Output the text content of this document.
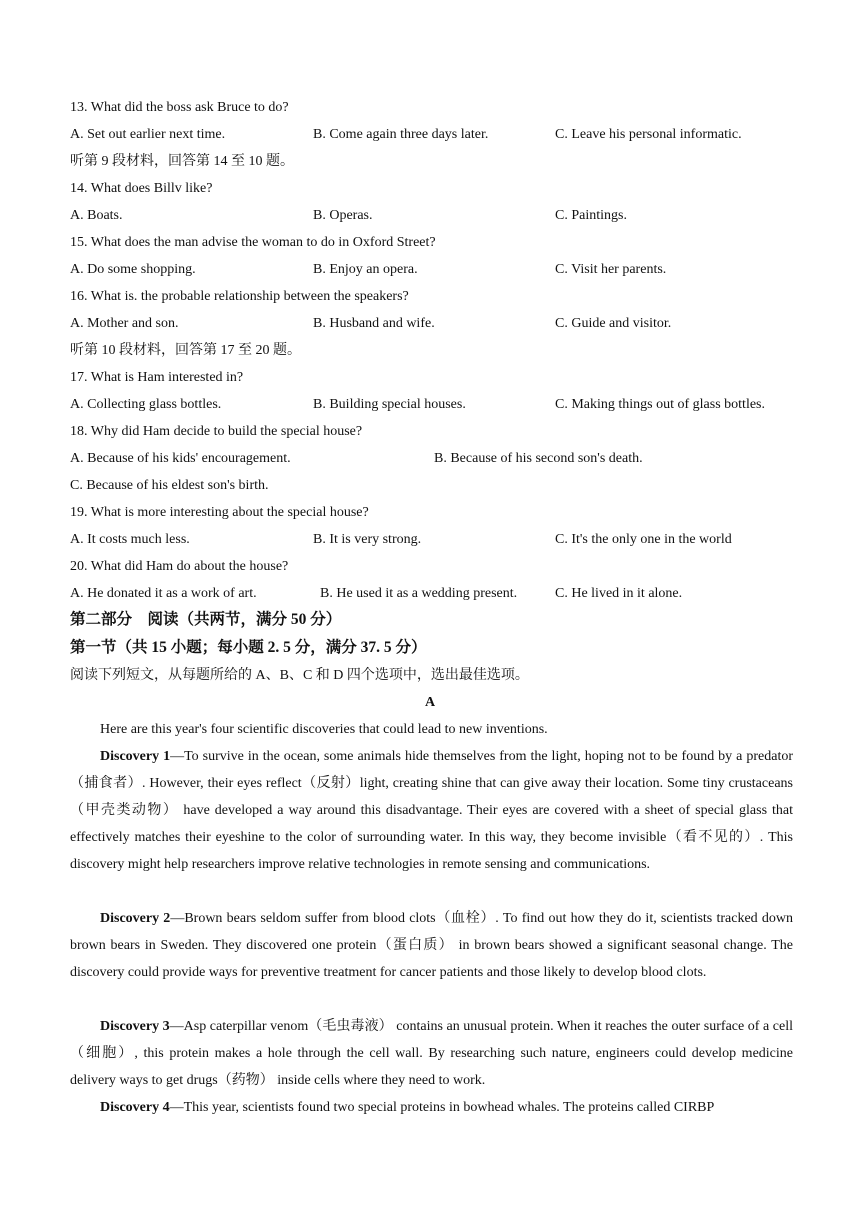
13. What did the boss ask Bruce to do?
A. Set out earlier next time.	B. Come again three days later.	C. Leave his personal informatic.
听第 9 段材料，回答第 14 至 10 题。
14. What does Billv like?
A. Boats.	B. Operas.	C. Paintings.
15. What does the man advise the woman to do in Oxford Street?
A. Do some shopping.	B. Enjoy an opera.	C. Visit her parents.
16. What is. the probable relationship between the speakers?
A. Mother and son.	B. Husband and wife.	C. Guide and visitor.
听第 10 段材料，回答第 17 至 20 题。
17. What is Ham interested in?
A. Collecting glass bottles.	B. Building special houses.	C. Making things out of glass bottles.
18. Why did Ham decide to build the special house?
A. Because of his kids' encouragement.	B. Because of his second son's death.
C. Because of his eldest son's birth.
19. What is more interesting about the special house?
A. It costs much less.	B. It is very strong.	C. It's the only one in the world
20. What did Ham do about the house?
A. He donated it as a work of art.	B. He used it as a wedding present.	C. He lived in it alone.
第二部分　阅读（共两节，满分 50 分）
第一节（共 15 小题；每小题 2. 5 分，满分 37. 5 分）
阅读下列短文，从每题所给的 A、B、C 和 D 四个选项中，选出最佳选项。
A
Here are this year's four scientific discoveries that could lead to new inventions.
Discovery 1—To survive in the ocean, some animals hide themselves from the light, hoping not to be found by a predator（捕食者）. However, their eyes reflect（反射）light, creating shine that can give away their location. Some tiny crustaceans（甲壳类动物） have developed a way around this disadvantage. Their eyes are covered with a sheet of special glass that effectively matches their eyeshine to the color of surrounding water. In this way, they become invisible（看不见的）. This discovery might help researchers improve relative technologies in remote sensing and communications.
Discovery 2—Brown bears seldom suffer from blood clots（血栓）. To find out how they do it, scientists tracked down brown bears in Sweden. They discovered one protein（蛋白质） in brown bears showed a significant seasonal change. The discovery could provide ways for preventive treatment for cancer patients and those likely to develop blood clots.
Discovery 3—Asp caterpillar venom（毛虫毒液） contains an unusual protein. When it reaches the outer surface of a cell（细胞）, this protein makes a hole through the cell wall. By researching such nature, engineers could develop medicine delivery ways to get drugs（药物） inside cells where they need to work.
Discovery 4—This year, scientists found two special proteins in bowhead whales. The proteins called CIRBP
